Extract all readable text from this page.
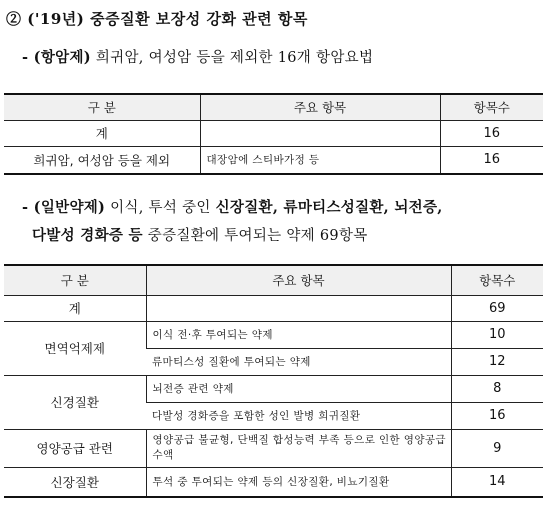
② ('19년) 중증질환 보장성 강화 관련 항목
- (항암제) 희귀암, 여성암 등을 제외한 16개 항암요법
구 분	주요 항목	항목수
계		16
희귀암, 여성암 등을 제외	대장암에 스티바가정 등	16
- (일반약제) 이식, 투석 중인 신장질환, 류마티스성질환, 뇌전증,
다발성 경화증 등 중증질환에 투여되는 약제 69항목
구 분	주요 항목	항목수
계		69
면역억제제	이식 전·후 투여되는 약제	10
	류마티스성 질환에 투여되는 약제	12
신경질환	뇌전증 관련 약제	8
	다발성 경화증을 포함한 성인 발병 희귀질환	16
영양공급 관련	영양공급 불균형, 단백질 합성능력 부족 등으로 인한 영양공급 수액	9
신장질환	투석 중 투여되는 약제 등의 신장질환, 비뇨기질환	14
